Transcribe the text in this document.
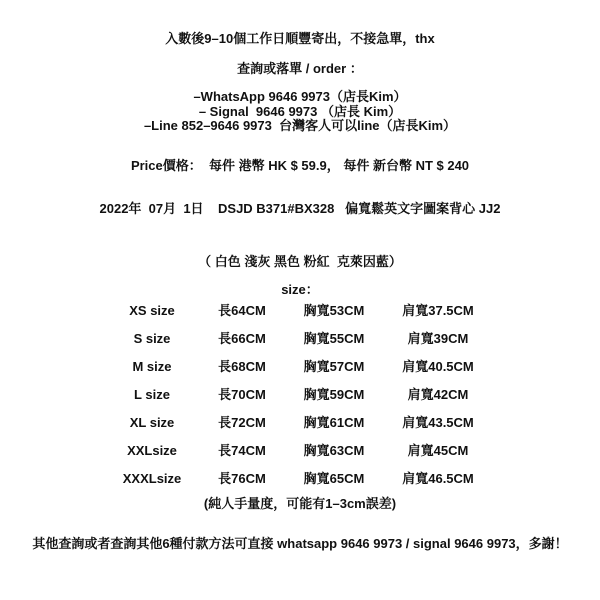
入數後9–10個工作日順豐寄出，不接急單，thx
查詢或落單 / order ：
–WhatsApp 9646 9973（店長Kim）
– Signal  9646 9973 （店長 Kim）
–Line 852–9646 9973  台灣客人可以line（店長Kim）
Price價格：  每件 港幣 HK $ 59.9， 每件 新台幣 NT $ 240
2022年  07月  1日    DSJD B371#BX328   偏寬鬆英文字圖案背心 JJ2
（ 白色 淺灰 黑色 粉紅  克萊因藍）
size：
XS size	長64CM	胸寬53CM	肩寬37.5CM
S size	長66CM	胸寬55CM	肩寬39CM
M size	長68CM	胸寬57CM	肩寬40.5CM
L size	長70CM	胸寬59CM	肩寬42CM
XL size	長72CM	胸寬61CM	肩寬43.5CM
XXLsize	長74CM	胸寬63CM	肩寬45CM
XXXLsize	長76CM	胸寬65CM	肩寬46.5CM
(純人手量度，可能有1–3cm誤差)
其他查詢或者查詢其他6種付款方法可直接 whatsapp 9646 9973 / signal 9646 9973，多謝！
